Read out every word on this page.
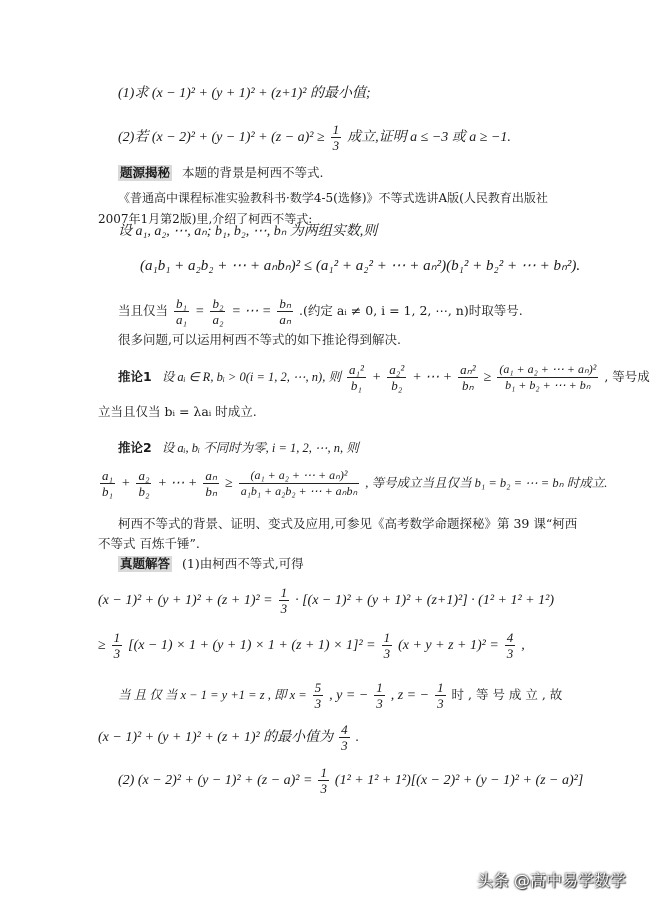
(1)求 (x − 1)² + (y + 1)² + (z+1)² 的最小值;
(2)若 $(x - 2)^2 + (y - 1)^2 + (z - a)^2 \ge \frac{1}{3}$ 成立,证明 a ≤ −3 或 a ≥ −1.
题源揭秘 本题的背景是柯西不等式.
《普通高中课程标准实验教科书·数学4-5(选修)》不等式选讲A版(人民教育出版社
2007年1月第2版)里,介绍了柯西不等式:
设 a₁, a₂, ⋯, aₙ; b₁, b₂, ⋯, bₙ 为两组实数,则
(a₁b₁ + a₂b₂ + ⋯ + aₙbₙ)² ≤ (a₁² + a₂² + ⋯ + aₙ²)(b₁² + b₂² + ⋯ + bₙ²).
当且仅当 $\frac{\text{b₁}}{\text{a₁}} = \frac{\text{b₂}}{\text{a₂}}$ = ⋯ = $\frac{\text{bₙ}}{\text{aₙ}}$ .(约定 aᵢ ≠ 0, i = 1, 2, ⋯, n)时取等号.
很多问题,可以运用柯西不等式的如下推论得到解决.
推论1 设 aᵢ ∈ R, bᵢ > 0(i = 1, 2, ⋯, n), 则 $\frac{\text{a₁²}}{\text{b₁}} + \frac{\text{a₂²}}{\text{b₂}}$ + ⋯ + $\frac{\text{aₙ²}}{\text{bₙ}} \ge \frac{\text{(a₁ + a₂ + ⋯ + aₙ)²}}{\text{b₁ + b₂ + ⋯ + bₙ}}$ , 等号成
立当且仅当 bᵢ = λaᵢ 时成立.
推论2 设 aᵢ, bᵢ 不同时为零, i = 1, 2, ⋯, n, 则
$\frac{\text{a₁}}{\text{b₁}} + \frac{\text{a₂}}{\text{b₂}}$ + ⋯ + $\frac{\text{aₙ}}{\text{bₙ}} \ge \frac{\text{(a₁ + a₂ + ⋯ + aₙ)²}}{\text{a₁b₁ + a₂b₂ + ⋯ + aₙbₙ}}$ , 等号成立当且仅当 b₁ = b₂ = ⋯ = bₙ 时成立.
柯西不等式的背景、证明、变式及应用,可参见《高考数学命题探秘》第 39 课“柯西
不等式 百炼千锤”.
真题解答 (1)由柯西不等式,可得
$(x - 1)^2 + (y + 1)^2 + (z + 1)^2 = \frac{1}{3} \cdot [(x - 1)^2 + (y + 1)^2 + (z+1)^2] \cdot (1^2 + 1^2 + 1^2)$
≥ $\frac{1}{3} [(x - 1) \times 1 + (y + 1) \times 1 + (z + 1) \times 1]^2 = \frac{1}{3} (x + y + z + 1)^2 = \frac{4}{3}$ ,
当 且 仅 当 x − 1 = y +1 = z , 即 $x = \frac{5}{3}$ , y = − $\frac{1}{3}$ , z = − $\frac{1}{3}$ 时 , 等 号 成 立 , 故
(x − 1)² + (y + 1)² + (z + 1)² 的最小值为 $\frac{4}{3}$ .
(2) $(x - 2)^2 + (y - 1)^2 + (z - a)^2 = \frac{1}{3} (1^2 + 1^2 + 1^2)[(x - 2)^2 + (y - 1)^2 + (z - a)^2]$
头条 @高中易学数学
